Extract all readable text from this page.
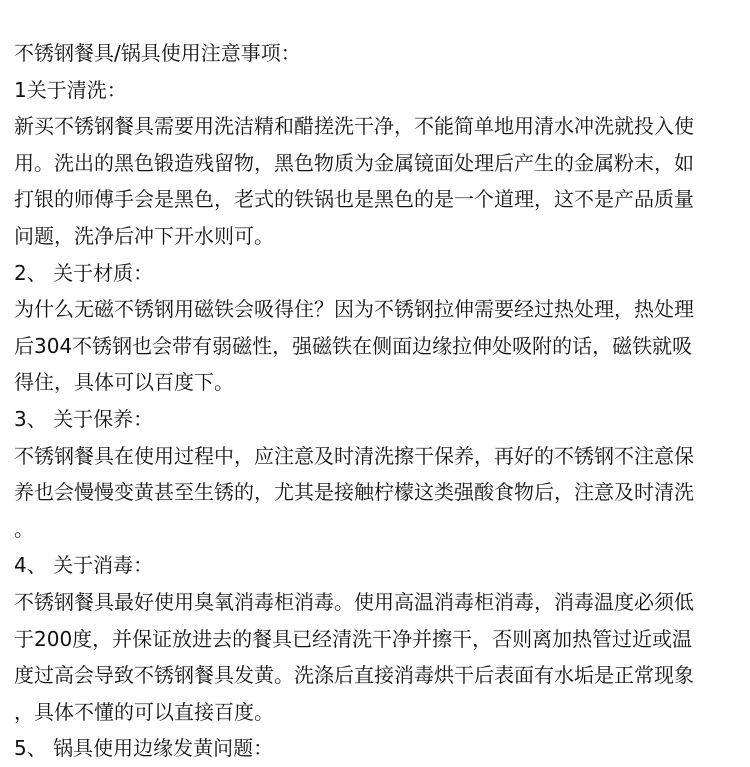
不锈钢餐具/锅具使用注意事项：
1关于清洗：
新买不锈钢餐具需要用洗洁精和醋搓洗干净，不能简单地用清水冲洗就投入使
用。洗出的黑色锻造残留物，黑色物质为金属镜面处理后产生的金属粉末，如
打银的师傅手会是黑色，老式的铁锅也是黑色的是一个道理，这不是产品质量
问题，洗净后冲下开水则可。
2、 关于材质：
为什么无磁不锈钢用磁铁会吸得住？因为不锈钢拉伸需要经过热处理，热处理
后304不锈钢也会带有弱磁性，强磁铁在侧面边缘拉伸处吸附的话，磁铁就吸
得住，具体可以百度下。
3、 关于保养：
不锈钢餐具在使用过程中，应注意及时清洗擦干保养，再好的不锈钢不注意保
养也会慢慢变黄甚至生锈的，尤其是接触柠檬这类强酸食物后，注意及时清洗
。
4、 关于消毒：
不锈钢餐具最好使用臭氧消毒柜消毒。使用高温消毒柜消毒，消毒温度必须低
于200度，并保证放进去的餐具已经清洗干净并擦干，否则离加热管过近或温
度过高会导致不锈钢餐具发黄。洗涤后直接消毒烘干后表面有水垢是正常现象
，具体不懂的可以直接百度。
5、 锅具使用边缘发黄问题：
